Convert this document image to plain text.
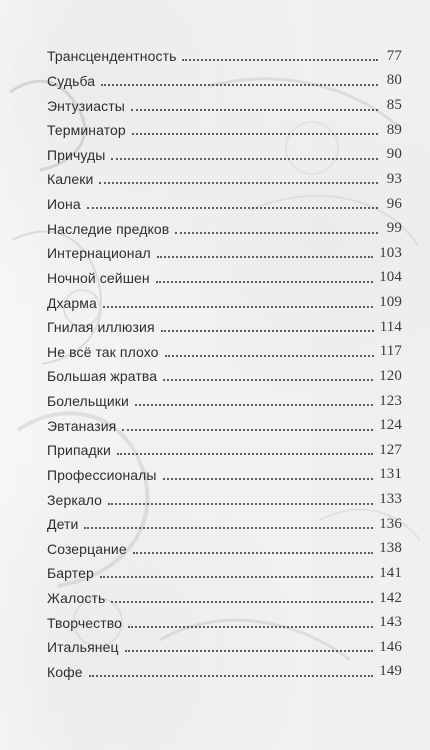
Трансцендентность	77
Судьба	80
Энтузиасты	85
Терминатор	89
Причуды	90
Калеки	93
Иона	96
Наследие предков	99
Интернационал	103
Ночной сейшен	104
Дхарма	109
Гнилая иллюзия	114
Не всё так плохо	117
Большая жратва	120
Болельщики	123
Эвтаназия	124
Припадки	127
Профессионалы	131
Зеркало	133
Дети	136
Созерцание	138
Бартер	141
Жалость	142
Творчество	143
Итальянец	146
Кофе	149
